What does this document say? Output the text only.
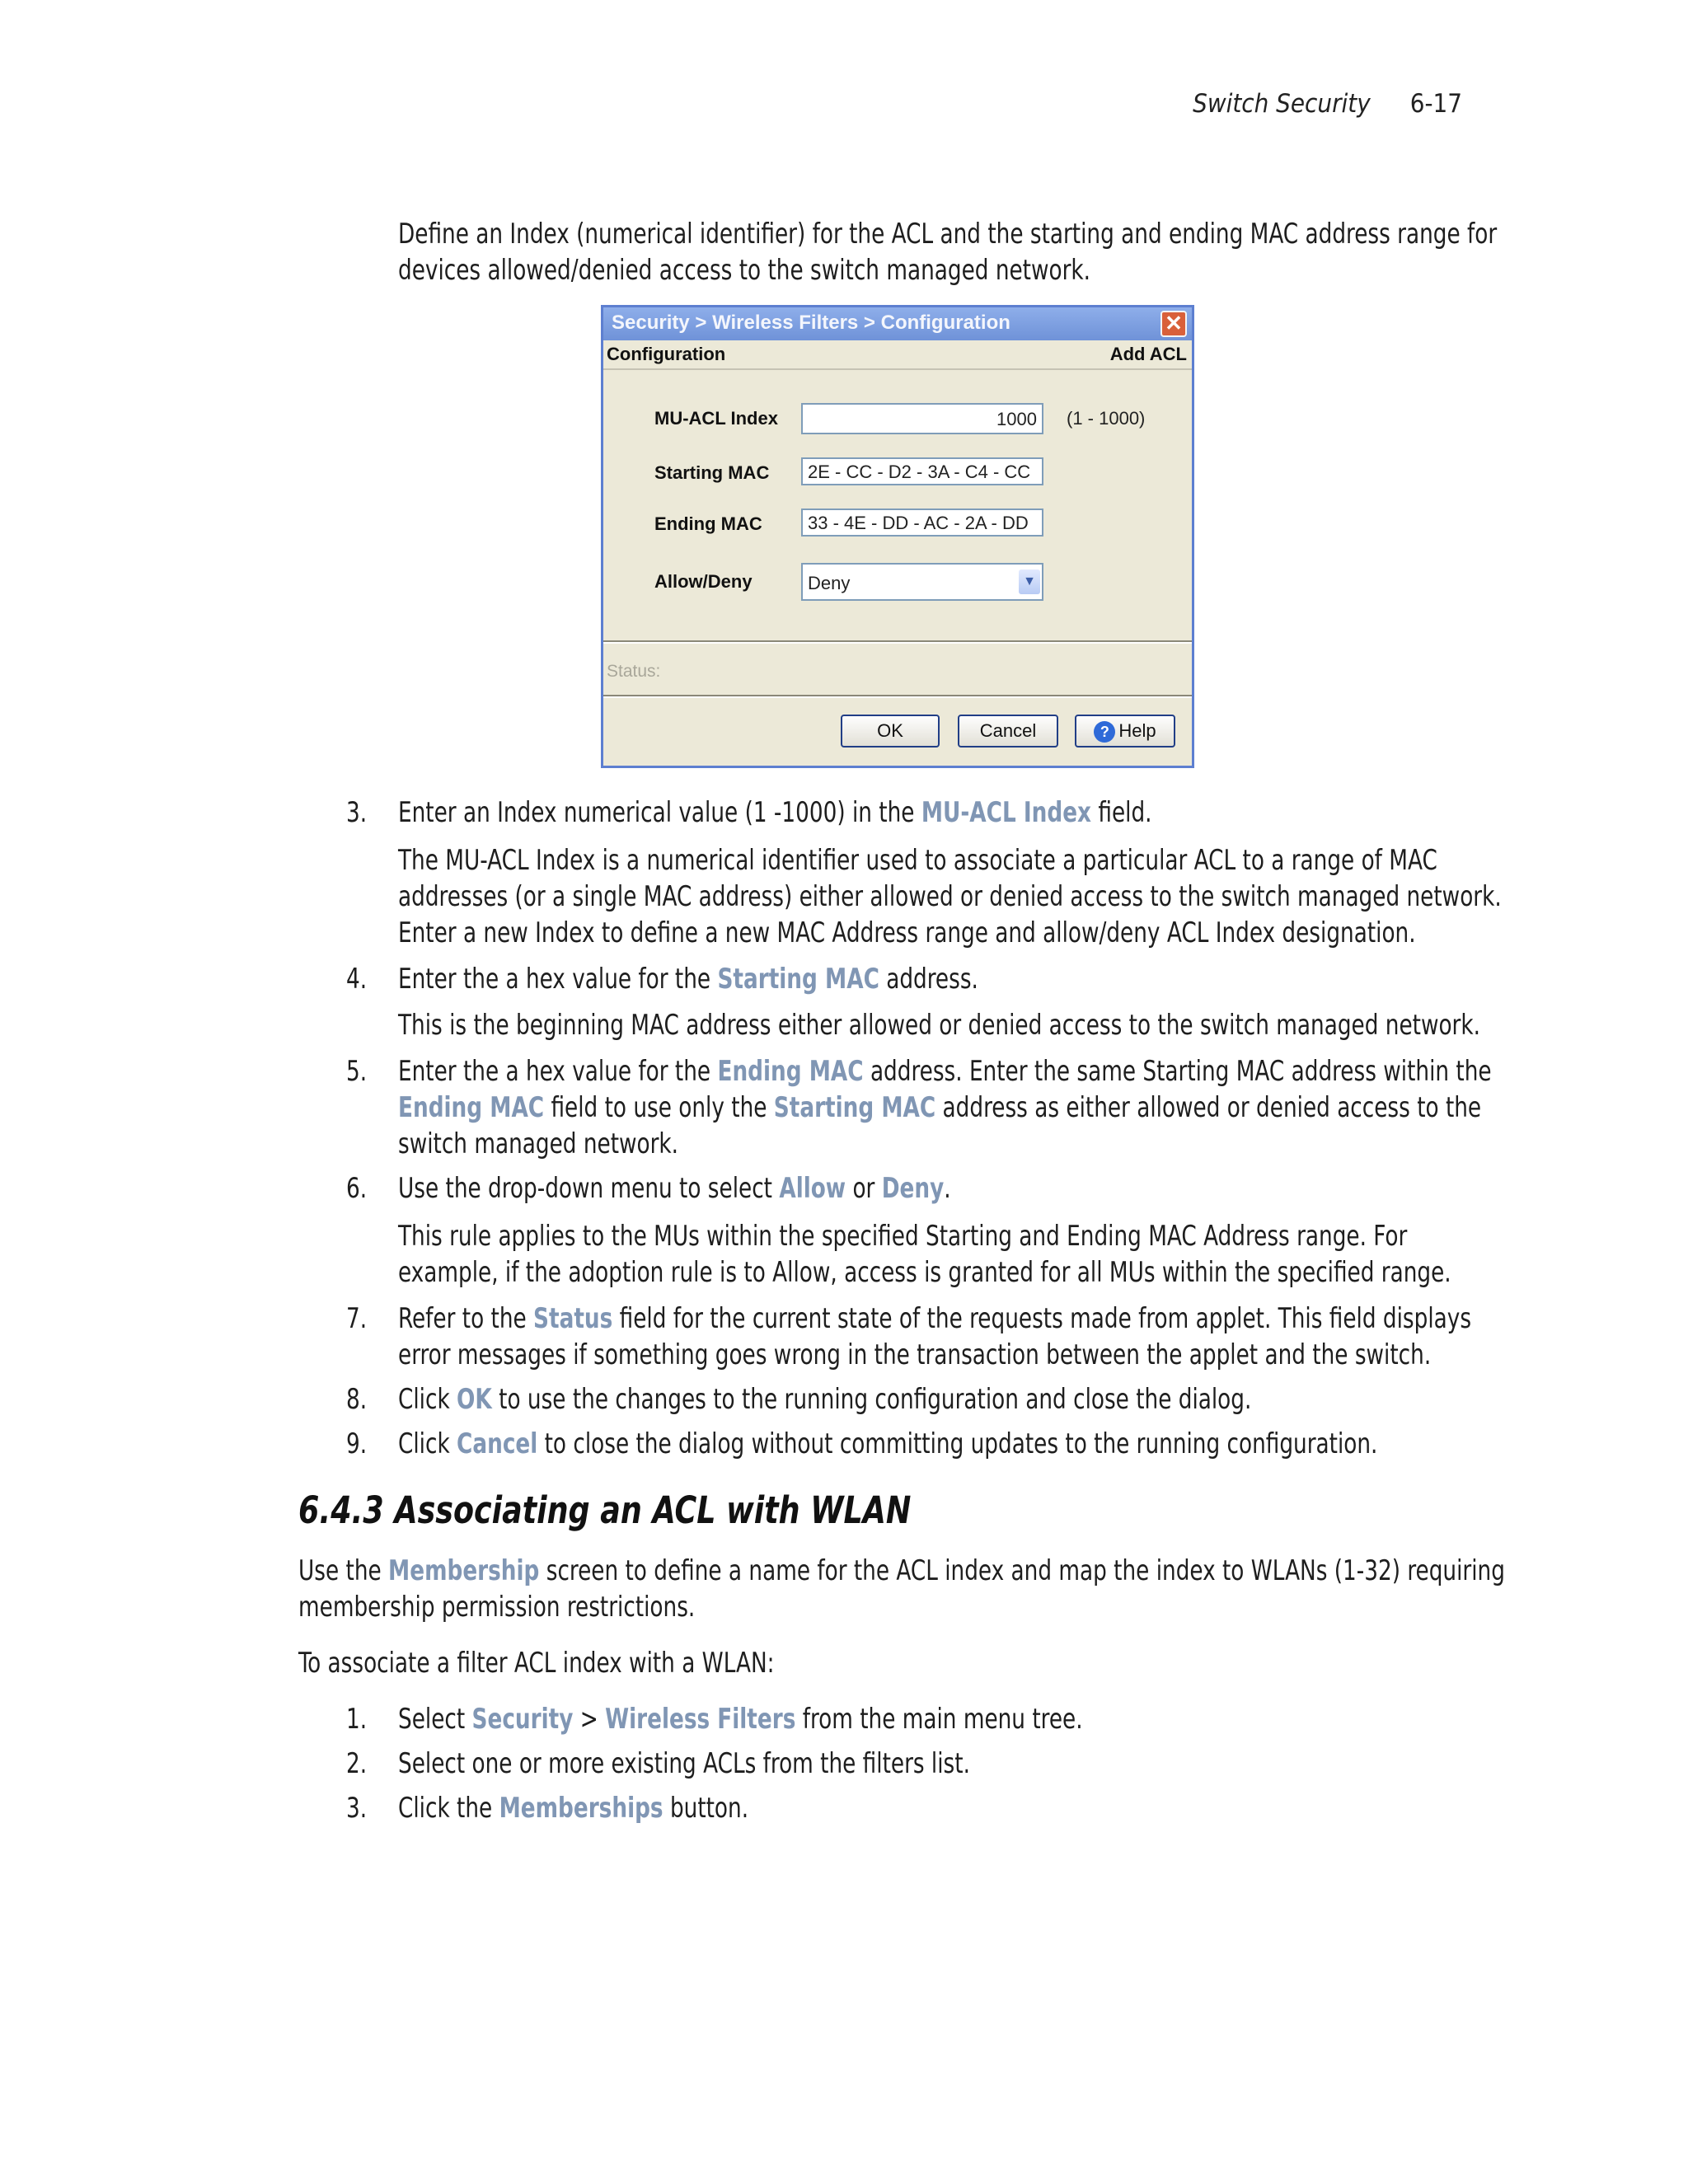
Switch Security 6-17
Define an Index (numerical identifier) for the ACL and the starting and ending MAC address range for
devices allowed/denied access to the switch managed network.
Security > Wireless Filters > Configuration	✕
Configuration	Add ACL
MU-ACL Index	1000	(1 - 1000)
Starting MAC	2E - CC - D2 - 3A - C4 - CC
Ending MAC	33 - 4E - DD - AC - 2A - DD
Allow/Deny	Deny	▼
Status:
OK	Cancel	? Help
3. Enter an Index numerical value (1 -1000) in the MU-ACL Index field.
The MU-ACL Index is a numerical identifier used to associate a particular ACL to a range of MAC
addresses (or a single MAC address) either allowed or denied access to the switch managed network.
Enter a new Index to define a new MAC Address range and allow/deny ACL Index designation.
4. Enter the a hex value for the Starting MAC address.
This is the beginning MAC address either allowed or denied access to the switch managed network.
5. Enter the a hex value for the Ending MAC address. Enter the same Starting MAC address within the
Ending MAC field to use only the Starting MAC address as either allowed or denied access to the
switch managed network.
6. Use the drop-down menu to select Allow or Deny.
This rule applies to the MUs within the specified Starting and Ending MAC Address range. For
example, if the adoption rule is to Allow, access is granted for all MUs within the specified range.
7. Refer to the Status field for the current state of the requests made from applet. This field displays
error messages if something goes wrong in the transaction between the applet and the switch.
8. Click OK to use the changes to the running configuration and close the dialog.
9. Click Cancel to close the dialog without committing updates to the running configuration.
6.4.3 Associating an ACL with WLAN
Use the Membership screen to define a name for the ACL index and map the index to WLANs (1-32) requiring
membership permission restrictions.
To associate a filter ACL index with a WLAN:
1. Select Security > Wireless Filters from the main menu tree.
2. Select one or more existing ACLs from the filters list.
3. Click the Memberships button.
